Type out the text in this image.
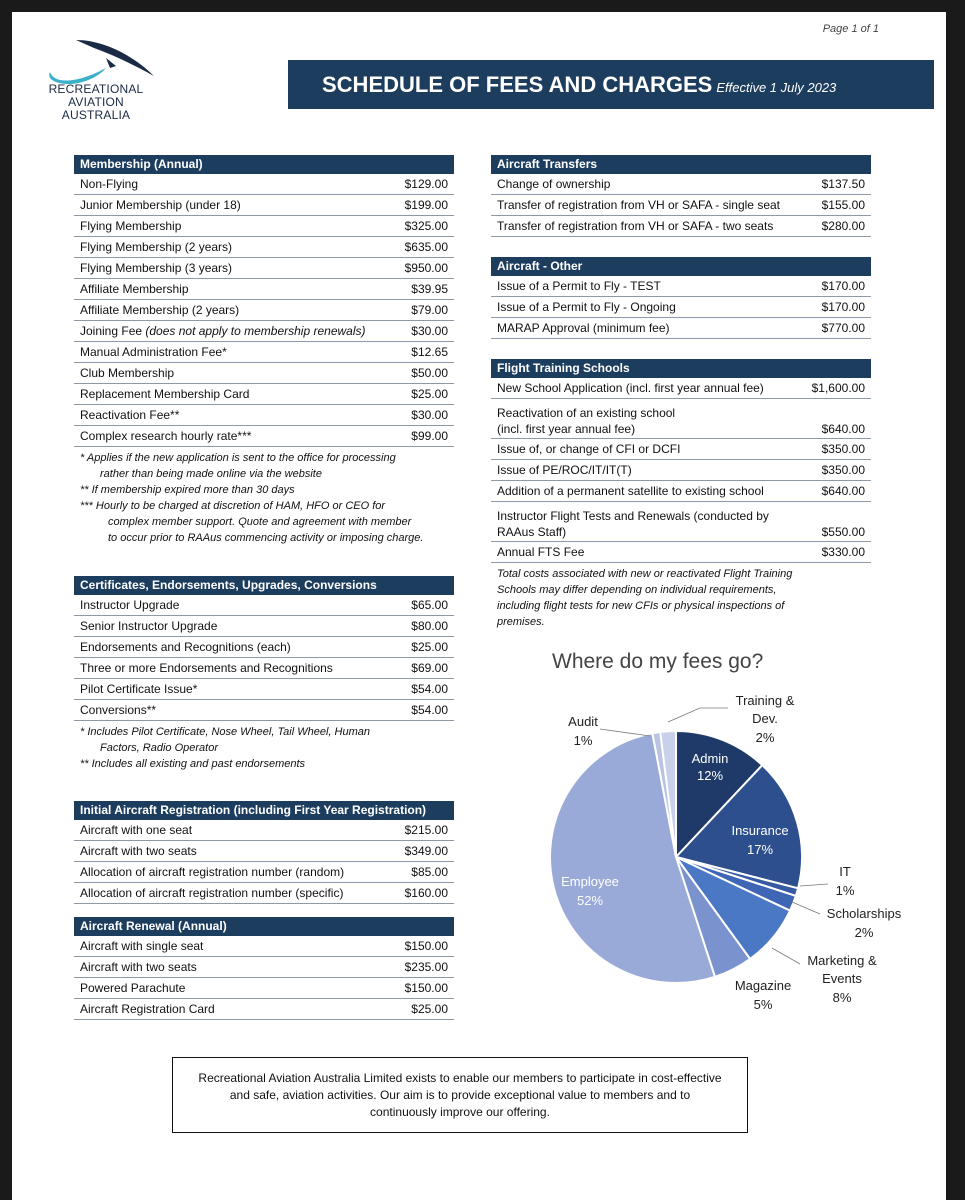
Page 1 of 1
RECREATIONAL
AVIATION AUSTRALIA
SCHEDULE OF FEES AND CHARGES Effective 1 July 2023
Membership (Annual)
Non-Flying	$129.00
Junior Membership (under 18)	$199.00
Flying Membership	$325.00
Flying Membership (2 years)	$635.00
Flying Membership (3 years)	$950.00
Affiliate Membership	$39.95
Affiliate Membership (2 years)	$79.00
Joining Fee (does not apply to membership renewals)	$30.00
Manual Administration Fee*	$12.65
Club Membership	$50.00
Replacement Membership Card	$25.00
Reactivation Fee**	$30.00
Complex research hourly rate***	$99.00
* Applies if the new application is sent to the office for processing
rather than being made online via the website
** If membership expired more than 30 days
*** Hourly to be charged at discretion of HAM, HFO or CEO for
complex member support. Quote and agreement with member
to occur prior to RAAus commencing activity or imposing charge.
Certificates, Endorsements, Upgrades, Conversions
Instructor Upgrade	$65.00
Senior Instructor Upgrade	$80.00
Endorsements and Recognitions (each)	$25.00
Three or more Endorsements and Recognitions	$69.00
Pilot Certificate Issue*	$54.00
Conversions**	$54.00
* Includes Pilot Certificate, Nose Wheel, Tail Wheel, Human
Factors, Radio Operator
** Includes all existing and past endorsements
Initial Aircraft Registration (including First Year Registration)
Aircraft with one seat	$215.00
Aircraft with two seats	$349.00
Allocation of aircraft registration number (random)	$85.00
Allocation of aircraft registration number (specific)	$160.00
Aircraft Renewal (Annual)
Aircraft with single seat	$150.00
Aircraft with two seats	$235.00
Powered Parachute	$150.00
Aircraft Registration Card	$25.00
Aircraft Transfers
Change of ownership	$137.50
Transfer of registration from VH or SAFA - single seat	$155.00
Transfer of registration from VH or SAFA - two seats	$280.00
Aircraft - Other
Issue of a Permit to Fly - TEST	$170.00
Issue of a Permit to Fly - Ongoing	$170.00
MARAP Approval (minimum fee)	$770.00
Flight Training Schools
New School Application (incl. first year annual fee)	$1,600.00
Reactivation of an existing school
(incl. first year annual fee)	$640.00
Issue of, or change of CFI or DCFI	$350.00
Issue of PE/ROC/IT/IT(T)	$350.00
Addition of a permanent satellite to existing school	$640.00
Instructor Flight Tests and Renewals (conducted by
RAAus Staff)	$550.00
Annual FTS Fee	$330.00
Total costs associated with new or reactivated Flight Training
Schools may differ depending on individual requirements,
including flight tests for new CFIs or physical inspections of
premises.
Where do my fees go?
Admin 12%
Insurance 17%
Employee 52%
IT 1%
Scholarships 2%
Marketing & Events 8%
Magazine 5%
Audit 1%
Training & Dev. 2%
Recreational Aviation Australia Limited exists to enable our members to participate in cost-effective and safe, aviation activities. Our aim is to provide exceptional value to members and to continuously improve our offering.
